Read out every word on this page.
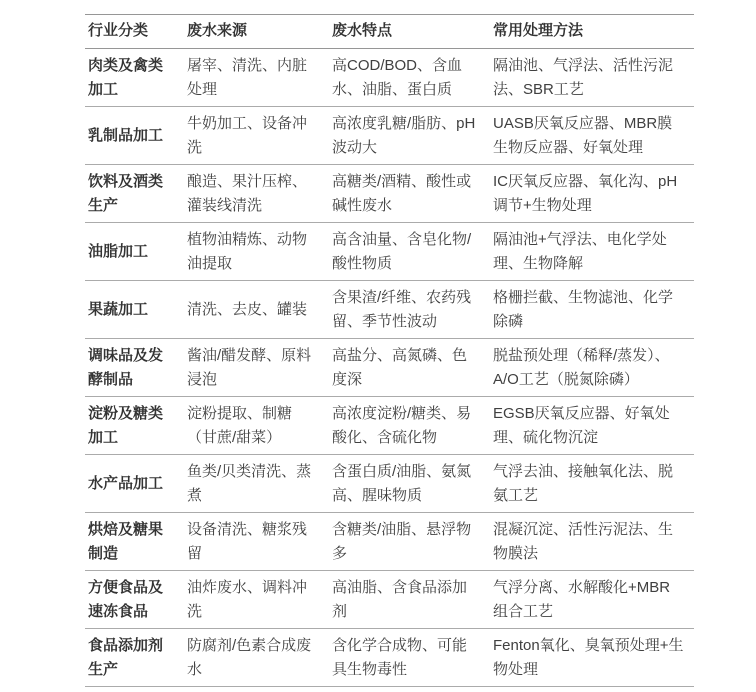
行业分类	废水来源	废水特点	常用处理方法
肉类及禽类加工	屠宰、清洗、内脏处理	高COD/BOD、含血水、油脂、蛋白质	隔油池、气浮法、活性污泥法、SBR工艺
乳制品加工	牛奶加工、设备冲洗	高浓度乳糖/脂肪、pH波动大	UASB厌氧反应器、MBR膜生物反应器、好氧处理
饮料及酒类生产	酿造、果汁压榨、灌装线清洗	高糖类/酒精、酸性或碱性废水	IC厌氧反应器、氧化沟、pH调节+生物处理
油脂加工	植物油精炼、动物油提取	高含油量、含皂化物/酸性物质	隔油池+气浮法、电化学处理、生物降解
果蔬加工	清洗、去皮、罐装	含果渣/纤维、农药残留、季节性波动	格栅拦截、生物滤池、化学除磷
调味品及发酵制品	酱油/醋发酵、原料浸泡	高盐分、高氮磷、色度深	脱盐预处理（稀释/蒸发）、A/O工艺（脱氮除磷）
淀粉及糖类加工	淀粉提取、制糖（甘蔗/甜菜）	高浓度淀粉/糖类、易酸化、含硫化物	EGSB厌氧反应器、好氧处理、硫化物沉淀
水产品加工	鱼类/贝类清洗、蒸煮	含蛋白质/油脂、氨氮高、腥味物质	气浮去油、接触氧化法、脱氨工艺
烘焙及糖果制造	设备清洗、糖浆残留	含糖类/油脂、悬浮物多	混凝沉淀、活性污泥法、生物膜法
方便食品及速冻食品	油炸废水、调料冲洗	高油脂、含食品添加剂	气浮分离、水解酸化+MBR组合工艺
食品添加剂生产	防腐剂/色素合成废水	含化学合成物、可能具生物毒性	Fenton氧化、臭氧预处理+生物处理
